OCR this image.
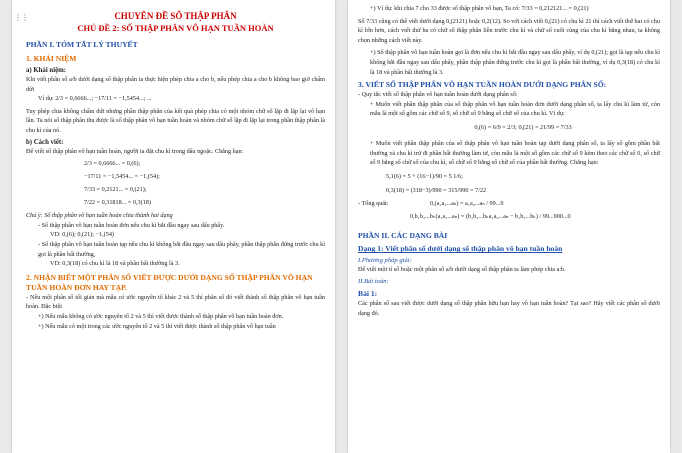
⋮⋮	CHUYÊN ĐỀ SỐ THẬP PHÂN
CHỦ ĐỀ 2: SỐ THẬP PHÂN VÔ HẠN TUẦN HOÀN
PHẦN I. TÓM TẮT LÝ THUYẾT
1. KHÁI NIỆM
a) Khái niệm:

Khi viết phân số a/b dưới dạng số thập phân ta thực hiện phép chia a cho b, nếu phép chia a cho b không bao giờ chấm dứt

Ví dụ: 2/3 = 0,6666...; −17/11 = −1,5454...; ...

Tuy phép chia không chấm dứt nhưng phần thập phân của kết quả phép chia có một nhóm chữ số lặp đi lặp lại vô hạn lần. Ta nói số thập phân thu được là số thập phân vô hạn tuần hoàn và nhóm chữ số lặp đi lặp lại trong phần thập phân là chu kì của nó.

b) Cách viết:

Để viết số thập phân vô hạn tuần hoàn, người ta đặt chu kì trong dấu ngoặc. Chẳng hạn:

2/3 = 0,6666... = 0,(6);
−17/11 = −1,5454... = −1,(54);
7/33 = 0,2121... = 0,(21);
7/22 = 0,31818... = 0,3(18)

Chú ý: Số thập phân vô hạn tuần hoàn chia thành hai dạng

- Số thập phân vô hạn tuần hoàn đơn nếu chu kì bắt đầu ngay sau dấu phẩy.

VD: 0,(6); 0,(21); −1,(54)

- Số thập phân vô hạn tuần hoàn tạp nếu chu kì không bắt đầu ngay sau dấu phẩy, phần thập phân đứng trước chu kì gọi là phần bất thường,

VD: 0,3(18) có chu kì là 18 và phần bất thường là 3.

2. NHẬN BIẾT MỘT PHÂN SỐ VIẾT ĐƯỢC DƯỚI DẠNG SỐ THẬP PHÂN VÔ HẠN TUẦN HOÀN ĐƠN HAY TẠP.

- Nếu một phân số tối giản mà mẫu có ước nguyên tố khác 2 và 5 thì phân số đó viết thành số thập phân vô hạn tuần hoàn. Đặc biệt

+) Nếu mẫu không có ước nguyên tố 2 và 5 thì viết được thành số thập phân vô hạn tuần hoàn đơn.

+) Nếu mẫu có một trong các ước nguyên tố 2 và 5 thì viết được thành số thập phân vô hạn tuần

+) Ví dụ: khi chia 7 cho 33 được số thập phân vô hạn, Ta có: 7/33 = 0,212121... = 0,(21)

Số 7/33 cũng có thể viết dưới dạng 0,(2121) hoặc 0,2(12). So với cách viết 0,(21) có chu kì 21 thì cách viết thứ hai có chu kì lớn hơn, cách viết thứ ba có chữ số thập phân liền trước chu kì và chữ số cuối cùng của chu kì bằng nhau, ta không chọn những cách viết này.

+) Số thập phân vô hạn tuần hoàn gọi là đơn nếu chu kì bắt đầu ngay sau dấu phẩy, ví dụ 0,(21); gọi là tạp nếu chu kì không bắt đầu ngay sau dấu phẩy, phần thập phân đứng trước chu kì gọi là phần bất thường, ví dụ 0,3(18) có chu kì là 18 và phần bất thường là 3.

3. VIẾT SỐ THẬP PHÂN VÔ HẠN TUẦN HOÀN DƯỚI DẠNG PHÂN SỐ:

- Quy tắc viết số thập phân vô hạn tuần hoàn dưới dạng phân số:

+ Muốn viết phần thập phân của số thập phân vô hạn tuần hoàn đơn dưới dạng phân số, ta lấy chu kì làm tử, còn mẫu là một số gồm các chữ số 9, số chữ số 9 bằng số chữ số của chu kì. Ví dụ:

0,(6) = 6/9 = 2/3; 0,(21) = 21/99 = 7/33

+ Muốn viết phần thập phân của số thập phân vô hạn tuần hoàn tạp dưới dạng phân số, ta lấy số gồm phần bất thường và chu kì trừ đi phần bất thường làm tử, còn mẫu là một số gồm các chữ số 9 kèm theo các chữ số 0, số chữ số 9 bằng số chữ số của chu kì, số chữ số 0 bằng số chữ số của phần bất thường. Chẳng hạn:

5,1(6) = 5 + (16−1)/90 = 5 1/6;
0,3(18) = (318−3)/990 = 315/990 = 7/22

- Tổng quát:	0,(a₁a₂...aₙ) = a₁a₂...aₙ / 99...9

0,b₁b₂...bₖ(a₁a₂...aₙ) = (b₁b₂...bₖa₁a₂...aₙ − b₁b₂...bₖ) / 99...900...0
PHẦN II. CÁC DẠNG BÀI
Dạng 1: Viết phân số dưới dạng số thập phân vô hạn tuần hoàn
I.Phương pháp giải:

Để viết một tỉ số hoặc một phân số a/b dưới dạng số thập phân ta làm phép chia a:b.

II.Bài toán:
Bài 1:

Các phân số sau viết được dưới dạng số thập phân hữu hạn hay vô hạn tuần hoàn? Tại sao? Hãy viết các phân số dưới dạng đó.
